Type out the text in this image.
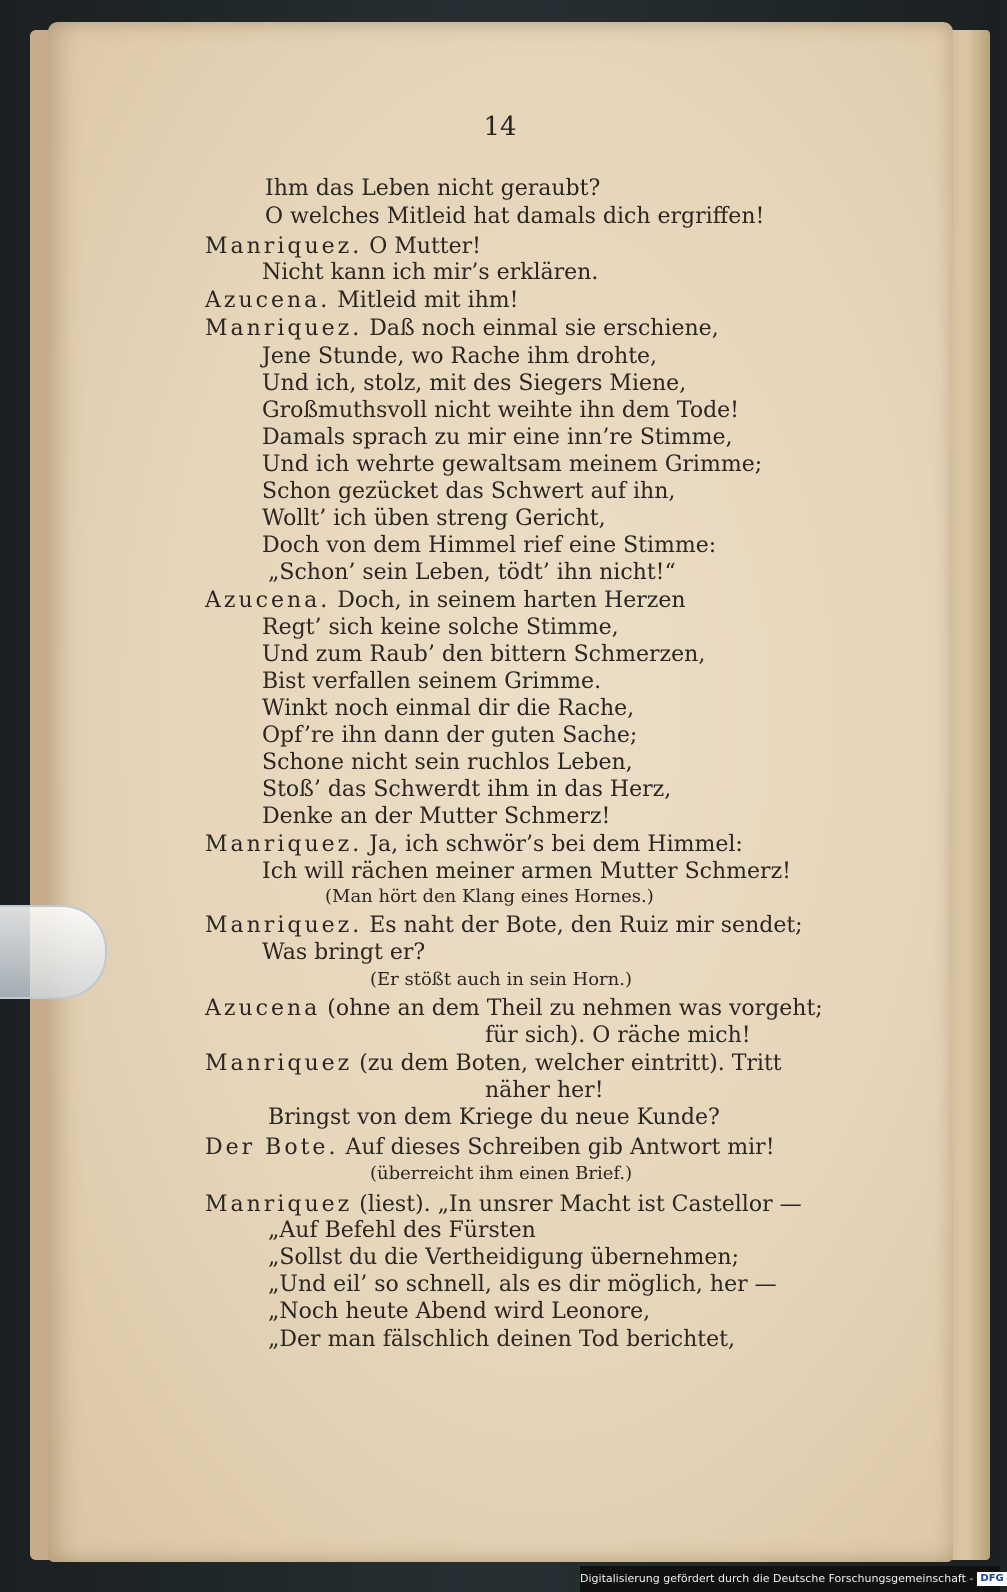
14
Ihm das Leben nicht geraubt?
O welches Mitleid hat damals dich ergriffen!
Manriquez. O Mutter!
Nicht kann ich mir’s erklären.
Azucena. Mitleid mit ihm!
Manriquez. Daß noch einmal sie erschiene,
Jene Stunde, wo Rache ihm drohte,
Und ich, stolz, mit des Siegers Miene,
Großmuthsvoll nicht weihte ihn dem Tode!
Damals sprach zu mir eine inn’re Stimme,
Und ich wehrte gewaltsam meinem Grimme;
Schon gezücket das Schwert auf ihn,
Wollt’ ich üben streng Gericht,
Doch von dem Himmel rief eine Stimme:
„Schon’ sein Leben, tödt’ ihn nicht!“
Azucena. Doch, in seinem harten Herzen
Regt’ sich keine solche Stimme,
Und zum Raub’ den bittern Schmerzen,
Bist verfallen seinem Grimme.
Winkt noch einmal dir die Rache,
Opf’re ihn dann der guten Sache;
Schone nicht sein ruchlos Leben,
Stoß’ das Schwerdt ihm in das Herz,
Denke an der Mutter Schmerz!
Manriquez. Ja, ich schwör’s bei dem Himmel:
Ich will rächen meiner armen Mutter Schmerz!
(Man hört den Klang eines Hornes.)
Manriquez. Es naht der Bote, den Ruiz mir sendet;
Was bringt er?
(Er stößt auch in sein Horn.)
Azucena (ohne an dem Theil zu nehmen was vorgeht;
für sich). O räche mich!
Manriquez (zu dem Boten, welcher eintritt). Tritt
näher her!
Bringst von dem Kriege du neue Kunde?
Der Bote. Auf dieses Schreiben gib Antwort mir!
(überreicht ihm einen Brief.)
Manriquez (liest). „In unsrer Macht ist Castellor —
„Auf Befehl des Fürsten
„Sollst du die Vertheidigung übernehmen;
„Und eil’ so schnell, als es dir möglich, her —
„Noch heute Abend wird Leonore,
„Der man fälschlich deinen Tod berichtet,
Digitalisierung gefördert durch die Deutsche Forschungsgemeinschaft - DFG
